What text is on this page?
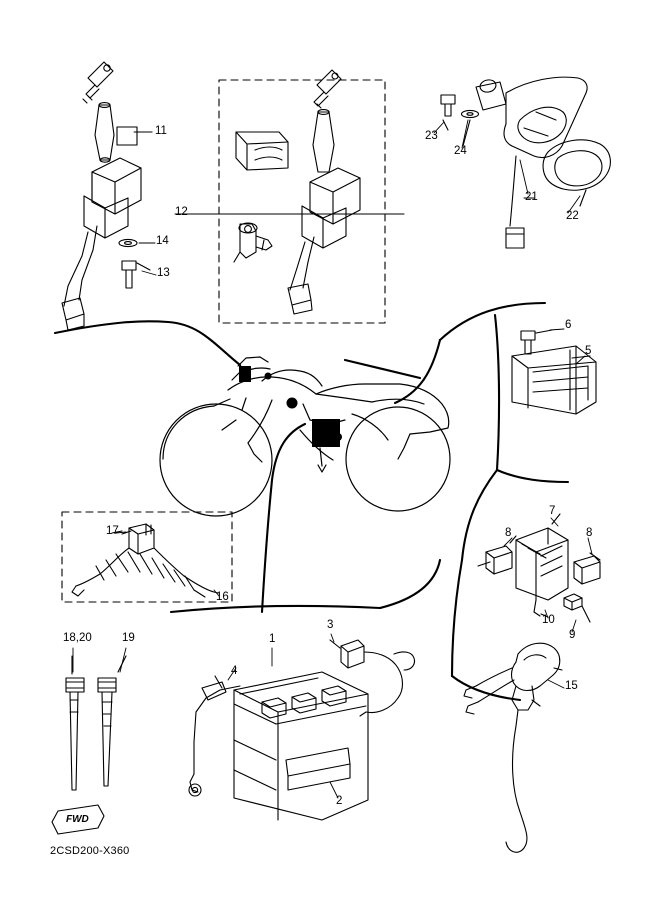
11
12
14
13
23
24
21
22
6
5
7
8	8
10
9
17
16
18,20	19	1
3
4
2
15
FWD
2CSD200-X360
